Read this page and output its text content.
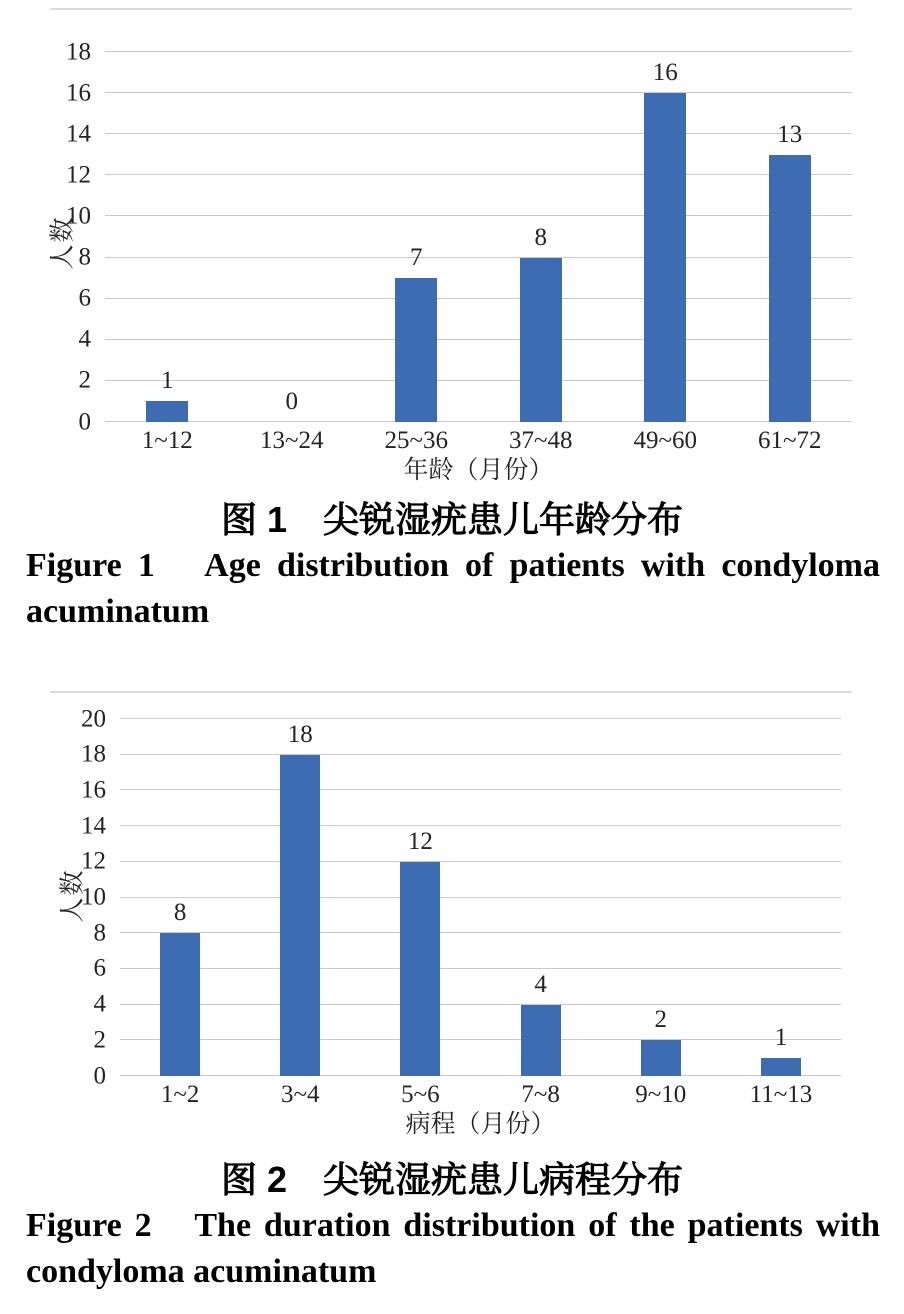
人数
0
2
4
6
8
10
12
14
16
18
1
0
7
8
16
13
1~12	13~24	25~36	37~48	49~60	61~72
年龄（月份）
图 1　尖锐湿疣患儿年龄分布
Figure 1　Age distribution of patients with condyloma
acuminatum
人数
0
2
4
6
8
10
12
14
16
18
20
8
18
12
4
2
1
1~2	3~4	5~6	7~8	9~10	11~13
病程（月份）
图 2　尖锐湿疣患儿病程分布
Figure 2　The duration distribution of the patients with
condyloma acuminatum
